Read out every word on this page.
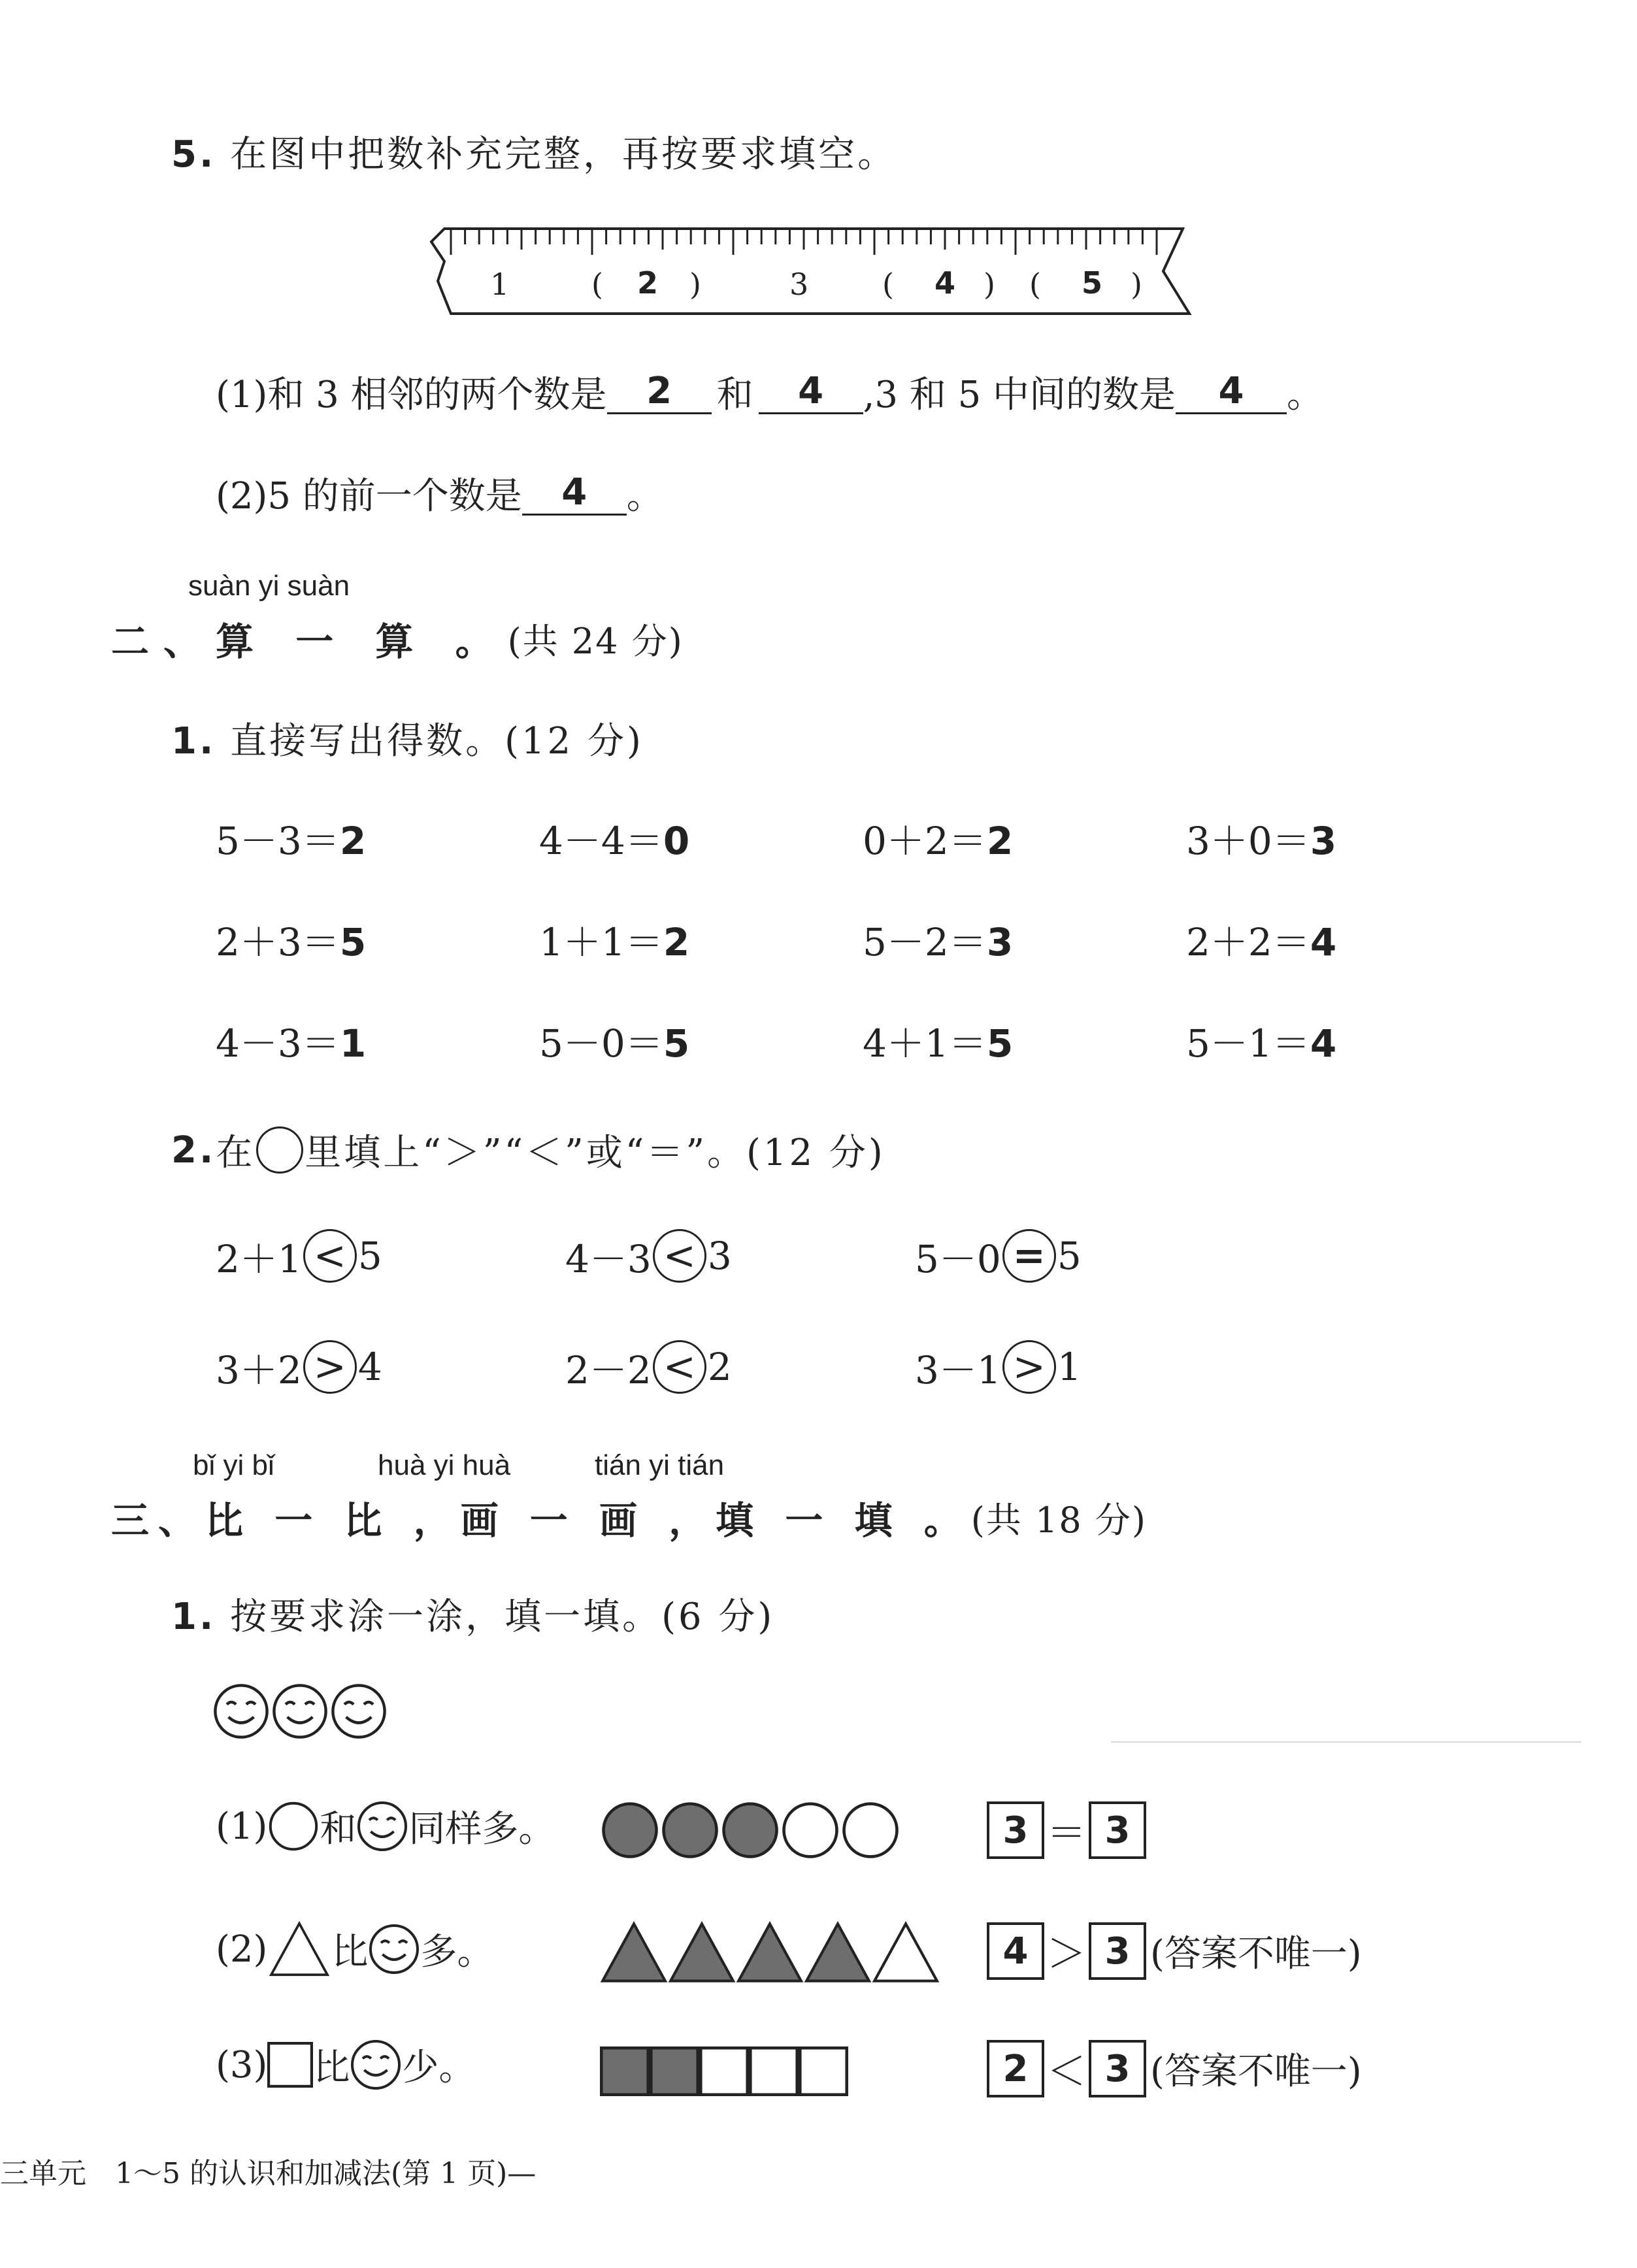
5. 在图中把数补充完整，再按要求填空。
1	( 2 )	3 ( 4 ) ( 5 )
(1)和 3 相邻的两个数是	2	和	4	,3 和 5 中间的数是	4	。
(2)5 的前一个数是	4	。
suàn yi suàn
二、算 一 算 。 (共 24 分)
1. 直接写出得数。(12 分)
5－3＝2	4－4＝0	0＋2＝2	3＋0＝3
2＋3＝5	1＋1＝2	5－2＝3	2＋2＝4
4－3＝1	5－0＝5	4＋1＝5	5－1＝4
2. 在 里填上“＞”“＜”或“＝”。(12 分)
2＋1 < 5	4－3 < 3	5－0 = 5
3＋2 > 4	2－2 < 2	3－1 > 1
bǐ yi bǐ	huà yi huà	tián yi tián
三、比 一 比 ，画 一 画 ，填 一 填 。 (共 18 分)
1. 按要求涂一涂，填一填。(6 分)
(1) 和 同样多。	3 ＝ 3
(2) 比 多。	4 ＞ 3 (答案不唯一)
(3) 比 少。	2 ＜ 3 (答案不唯一)
三单元　1～5 的认识和加减法(第 1 页)—
